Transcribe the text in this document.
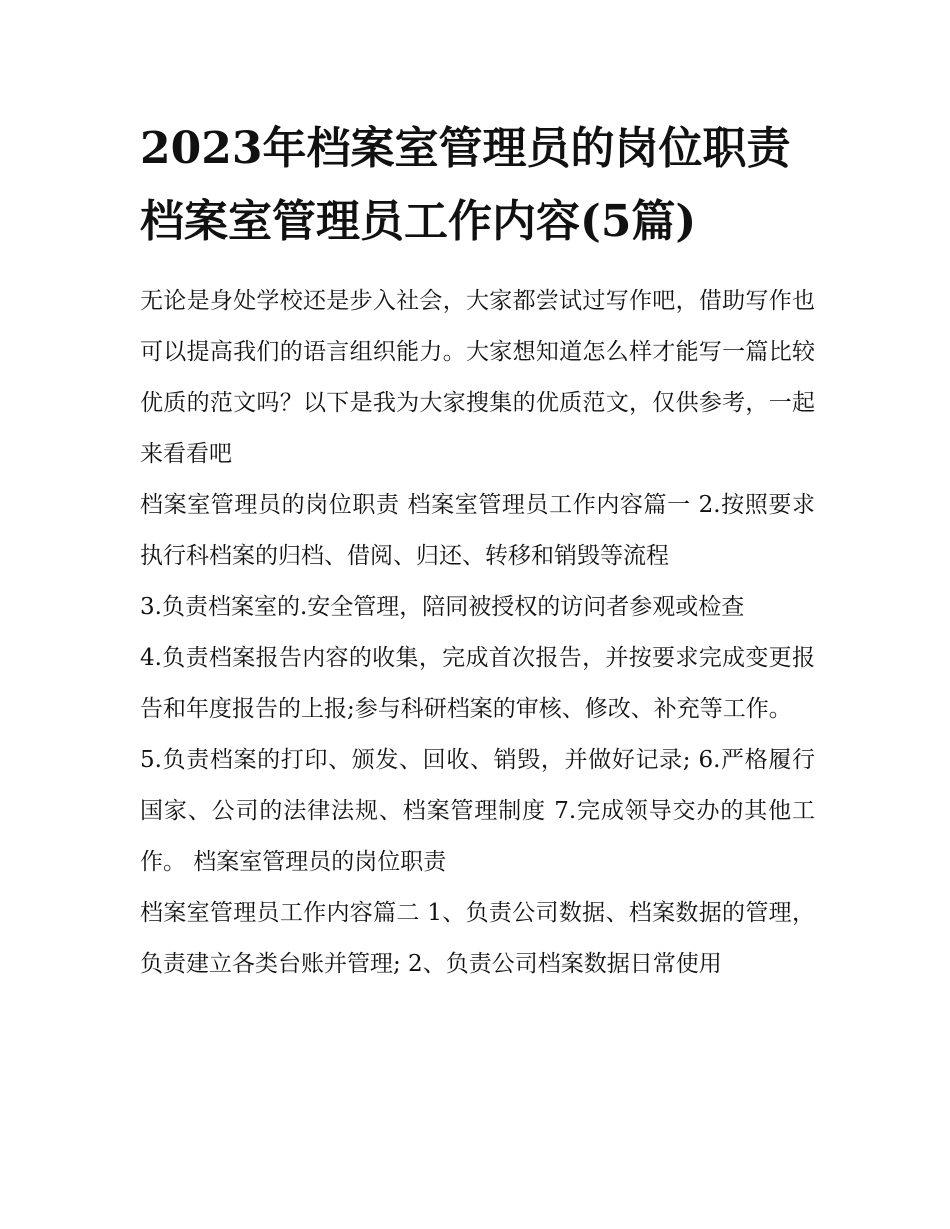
2023年档案室管理员的岗位职责 档案室管理员工作内容(5篇)

无论是身处学校还是步入社会，大家都尝试过写作吧，借助写作也可以提高我们的语言组织能力。大家想知道怎么样才能写一篇比较优质的范文吗？以下是我为大家搜集的优质范文，仅供参考，一起来看看吧

档案室管理员的岗位职责 档案室管理员工作内容篇一 2.按照要求执行科档案的归档、借阅、归还、转移和销毁等流程

3.负责档案室的.安全管理，陪同被授权的访问者参观或检查

4.负责档案报告内容的收集，完成首次报告，并按要求完成变更报告和年度报告的上报;参与科研档案的审核、修改、补充等工作。

5.负责档案的打印、颁发、回收、销毁，并做好记录; 6.严格履行国家、公司的法律法规、档案管理制度 7.完成领导交办的其他工作。 档案室管理员的岗位职责

档案室管理员工作内容篇二 1、负责公司数据、档案数据的管理，负责建立各类台账并管理; 2、负责公司档案数据日常使用
